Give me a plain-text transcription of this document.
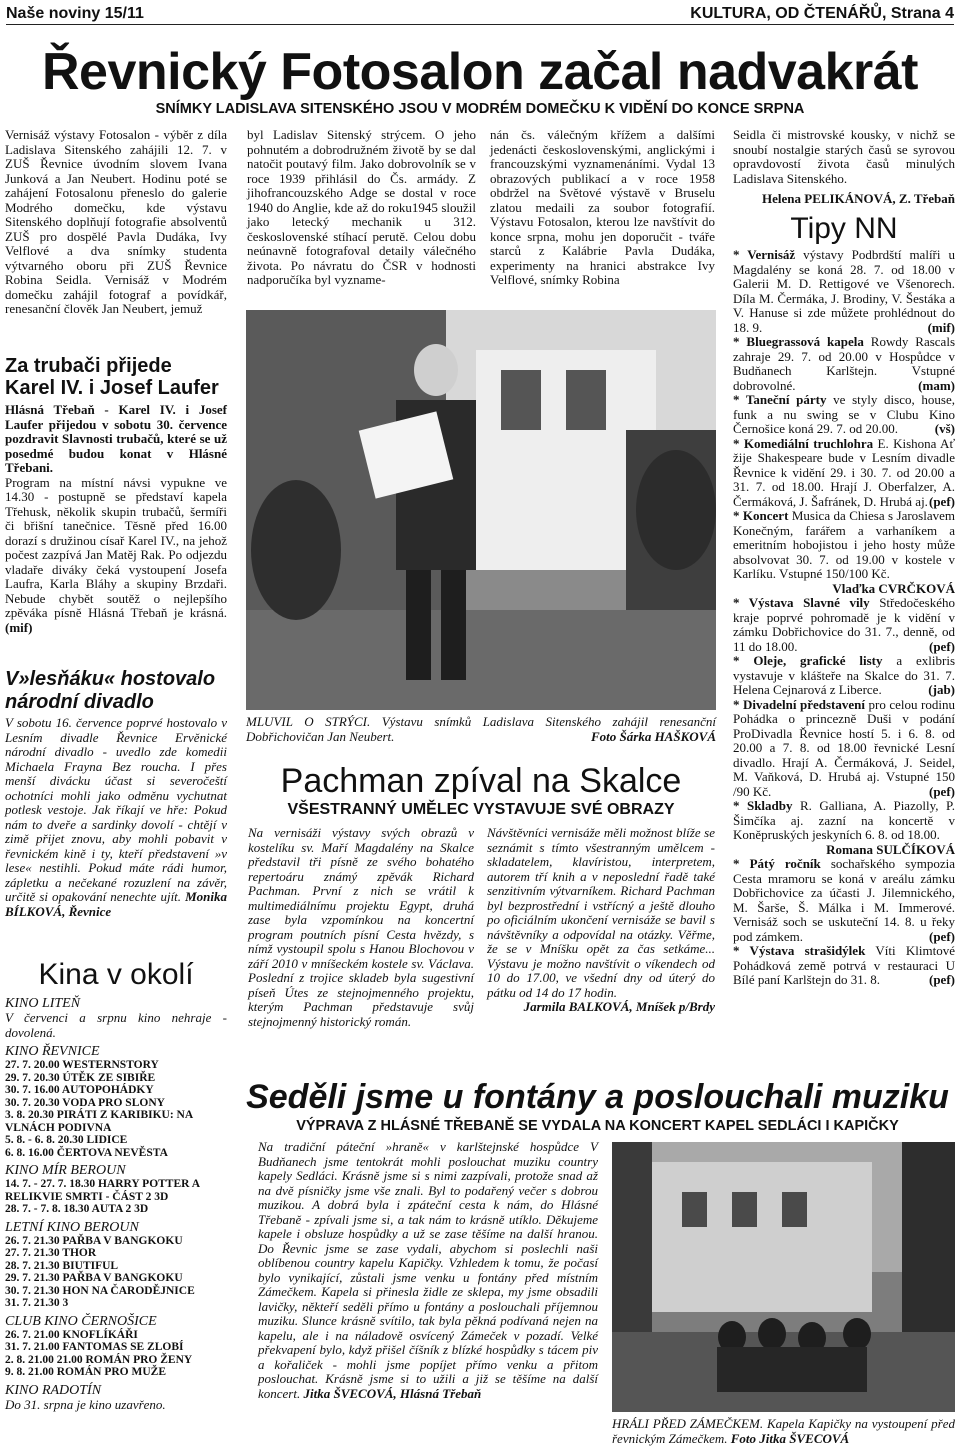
Naše noviny 15/11	KULTURA, OD ČTENÁŘŮ, Strana 4
Řevnický Fotosalon začal nadvakrát
SNÍMKY LADISLAVA SITENSKÉHO JSOU V MODRÉM DOMEČKU K VIDĚNÍ DO KONCE SRPNA

Vernisáž výstavy Fotosalon - výběr z díla Ladislava Sitenského zahájili 12. 7. v ZUŠ Řevnice úvodním slovem Ivana Junková a Jan Neubert. Hodinu poté se zahájení Fotosalonu přeneslo do galerie Modrého domečku, kde výstavu Sitenského doplňují fotografie absolventů ZUŠ pro dospělé Pavla Dudáka, Ivy Velflové a dva snímky studenta výtvarného oboru při ZUŠ Řevnice Robina Seidla. Vernisáž v Modrém domečku zahájil fotograf a povídkář, renesanční člověk Jan Neubert, jemuž

byl Ladislav Sitenský strýcem. O jeho pohnutém a dobrodružném životě by se dal natočit poutavý film. Jako dobrovolník se v roce 1939 přihlásil do Čs. armády. Z jihofrancouzského Adge se dostal v roce 1940 do Anglie, kde až do roku1945 sloužil jako letecký mechanik u 312. československé stíhací perutě. Celou dobu neúnavně fotografoval detaily válečného života. Po návratu do ČSR v hodnosti nadporučíka byl vyzname-

nán čs. válečným křížem a dalšími jedenácti československými, anglickými i francouzskými vyznamenáními. Vydal 13 obrazových publikací a v roce 1958 obdržel na Světové výstavě v Bruselu zlatou medaili za soubor fotografií. Výstavu Fotosalon, kterou lze navštívit do konce srpna, mohu jen doporučit - tváře starců z Kalábrie Pavla Dudáka, experimenty na hranici abstrakce Ivy Velflové, snímky Robina

Seidla či mistrovské kousky, v nichž se snoubí nostalgie starých časů se syrovou opravdovostí života časů minulých Ladislava Sitenského.

Helena PELIKÁNOVÁ, Z. Třebaň
MLUVIL O STRÝCI. Výstavu snímků Ladislava Sitenského zahájil renesanční Dobřichovičan Jan Neubert.	Foto Šárka HAŠKOVÁ

Za trubači přijede Karel IV. i Josef Laufer

Hlásná Třebaň - Karel IV. i Josef Laufer přijedou v sobotu 30. července pozdravit Slavnosti trubačů, které se už posedmé budou konat v Hlásné Třebani.

Program na místní návsi vypukne ve 14.30 - postupně se představí kapela Třehusk, několik skupin trubačů, šermíři či břišní tanečnice. Těsně před 16.00 dorazí s družinou císař Karel IV., na jehož počest zazpívá Jan Matěj Rak. Po odjezdu vladaře diváky čeká vystoupení Josefa Laufra, Karla Bláhy a skupiny Brzdaři. Nebude chybět soutěž o nejlepšího zpěváka písně Hlásná Třebaň je krásná. (mif)

V»lesňáku« hostovalo národní divadlo

V sobotu 16. července poprvé hostovalo v Lesním divadle Řevnice Ervěnické národní divadlo - uvedlo zde komedii Michaela Frayna Bez roucha. I přes menší divácku účast si severočeští ochotníci mohli jako odměnu vychutnat potlesk vestoje. Jak říkají ve hře: Pokud nám to dveře a sardinky dovolí - chtějí v zimě přijet znovu, aby mohli pobavit v řevnickém kině i ty, kteří představení »v lese« nestihli. Pokud máte rádi humor, zápletku a nečekané rozuzlení na závěr, určitě si opakování nenechte ujít. Monika BÍLKOVÁ, Řevnice

Kina v okolí

KINO LITEŇ

V červenci a srpnu kino nehraje - dovolená.

KINO ŘEVNICE

27. 7. 20.00 WESTERNSTORY

29. 7. 20.30 ÚTĚK ZE SIBIŘE

30. 7. 16.00 AUTOPOHÁDKY

30. 7. 20.30 VODA PRO SLONY

3. 8. 20.30 PIRÁTI Z KARIBIKU: NA VLNÁCH PODIVNA

5. 8. - 6. 8. 20.30 LIDICE

6. 8. 16.00 ČERTOVA NEVĚSTA

KINO MÍR BEROUN

14. 7. - 27. 7. 18.30 HARRY POTTER A RELIKVIE SMRTI - ČÁST 2 3D

28. 7. - 7. 8. 18.30 AUTA 2 3D

LETNÍ KINO BEROUN

26. 7. 21.30 PAŘBA V BANGKOKU

27. 7. 21.30 THOR

28. 7. 21.30 BIUTIFUL

29. 7. 21.30 PAŘBA V BANGKOKU

30. 7. 21.30 HON NA ČARODĚJNICE

31. 7. 21.30 3

CLUB KINO ČERNOŠICE

26. 7. 21.00 KNOFLÍKÁŘI

31. 7. 21.00 FANTOMAS SE ZLOBÍ

2. 8. 21.00 21.00 ROMÁN PRO ŽENY

9. 8. 21.00 ROMÁN PRO MUŽE

KINO RADOTÍN

Do 31. srpna je kino uzavřeno.

Tipy NN

* Vernisáž výstavy Podbrdští malíři u Magdalény se koná 28. 7. od 18.00 v Galerii M. D. Rettigové ve Všenorech. Díla M. Čermáka, J. Brodiny, V. Šestáka a V. Hanuse si zde můžete prohlédnout do 18. 9.	(mif)

* Bluegrassová kapela Rowdy Rascals zahraje 29. 7. od 20.00 v Hospůdce v Budňanech Karlštejn. Vstupné dobrovolné.	(mam)

* Taneční párty ve styly disco, house, funk a nu swing se v Clubu Kino Černošice koná 29. 7. od 20.00.	(vš)

* Komediální truchlohra E. Kishona Ať žije Shakespeare bude v Lesním divadle Řevnice k vidění 29. i 30. 7. od 20.00 a 31. 7. od 18.00. Hrají J. Oberfalzer, A. Čermáková, J. Šafránek, D. Hrubá aj. (pef)

* Koncert Musica da Chiesa s Jaroslavem Konečným, farářem a varhaníkem a emeritním hobojistou i jeho hosty může absolvovat 30. 7. od 19.00 v kostele v Karlíku. Vstupné 150/100 Kč.
Vlaďka CVRČKOVÁ

* Výstava Slavné vily Středočeského kraje poprvé pohromadě je k vidění v zámku Dobřichovice do 31. 7., denně, od 11 do 18.00.	(pef)

* Oleje, grafické listy a exlibris vystavuje v klášteře na Skalce do 31. 7. Helena Cejnarová z Liberce.	(jab)

* Divadelní představení pro celou rodinu Pohádka o princezně Duši v podání ProDivadla Řevnice hostí 5. i 6. 8. od 20.00 a 7. 8. od 18.00 řevnické Lesní divadlo. Hrají A. Čermáková, J. Seidel, M. Vaňková, D. Hrubá aj. Vstupné 150 /90 Kč.	(pef)

* Skladby R. Galliana, A. Piazolly, P. Šimčíka aj. zazní na koncertě v Koněpruských jeskyních 6. 8. od 18.00.
Romana SULČÍKOVÁ

* Pátý ročník sochařského sympozia Cesta mramoru se koná v areálu zámku Dobřichovice za účasti J. Jilemnického, M. Šarše, Š. Málka i M. Immerové. Vernisáž soch se uskuteční 14. 8. u řeky pod zámkem.	(pef)

* Výstava strašidýlek Víti Klimtové Pohádková země potrvá v restauraci U Bílé paní Karlštejn do 31. 8.	(pef)

Pachman zpíval na Skalce
VŠESTRANNÝ UMĚLEC VYSTAVUJE SVÉ OBRAZY

Na vernisáži výstavy svých obrazů v kostelíku sv. Maří Magdalény na Skalce představil tři písně ze svého bohatého repertoáru známý zpěvák Richard Pachman. První z nich se vrátil k multimediálnímu projektu Egypt, druhá zase byla vzpomínkou na koncertní program poutních písní Cesta hvězdy, s nímž vystoupil spolu s Hanou Blochovou v září 2010 v mníšeckém kostele sv. Václava. Poslední z trojice skladeb byla sugestivní píseň Útes ze stejnojmenného projektu, kterým Pachman představuje svůj stejnojmenný historický román.

Návštěvníci vernisáže měli možnost blíže se seznámit s tímto všestranným umělcem - skladatelem, klavíristou, interpretem, autorem tří knih a v neposlední řadě také senzitivním výtvarníkem. Richard Pachman byl bezprostřední i vstřícný a ještě dlouho po oficiálním ukončení vernisáže se bavil s návštěvníky a odpovídal na otázky. Věřme, že se v Mníšku opět za čas setkáme... Výstavu je možno navštívit o víkendech od 10 do 17.00, ve všední dny od úterý do pátku od 14 do 17 hodin.
Jarmila BALKOVÁ, Mníšek p/Brdy

Seděli jsme u fontány a poslouchali muziku
VÝPRAVA Z HLÁSNÉ TŘEBANĚ SE VYDALA NA KONCERT KAPEL SEDLÁCI I KAPIČKY

Na tradiční páteční »hraně« v karlštejnské hospůdce V Budňanech jsme tentokrát mohli poslouchat muziku country kapely Sedláci. Krásně jsme si s nimi zazpívali, protože snad až na dvě písničky jsme vše znali. Byl to podařený večer s dobrou muzikou. A dobrá byla i zpáteční cesta k nám, do Hlásné Třebaně - zpívali jsme si, a tak nám to krásně utíklo. Děkujeme kapele i obsluze hospůdky a už se zase těšíme na další hranou. Do Řevnic jsme se zase vydali, abychom si poslechli naši oblíbenou country kapelu Kapičky. Vzhledem k tomu, že počasí bylo vynikající, zůstali jsme venku u fontány před místním Zámečkem. Kapela si přinesla židle ze sklepa, my jsme obsadili lavičky, někteří seděli přímo u fontány a poslouchali příjemnou muziku. Slunce krásně svítilo, tak byla pěkná podívaná nejen na kapelu, ale i na náladově osvícený Zámeček v pozadí. Velké překvapení bylo, když přišel číšník z blízké hospůdky s tácem piv a kořaliček - mohli jsme popíjet přímo venku a přitom poslouchat. Krásně jsme si to užili a již se těšíme na další koncert. Jitka ŠVECOVÁ, Hlásná Třebaň

HRÁLI PŘED ZÁMEČKEM. Kapela Kapičky na vystoupení před řevnickým Zámečkem. Foto Jitka ŠVECOVÁ
